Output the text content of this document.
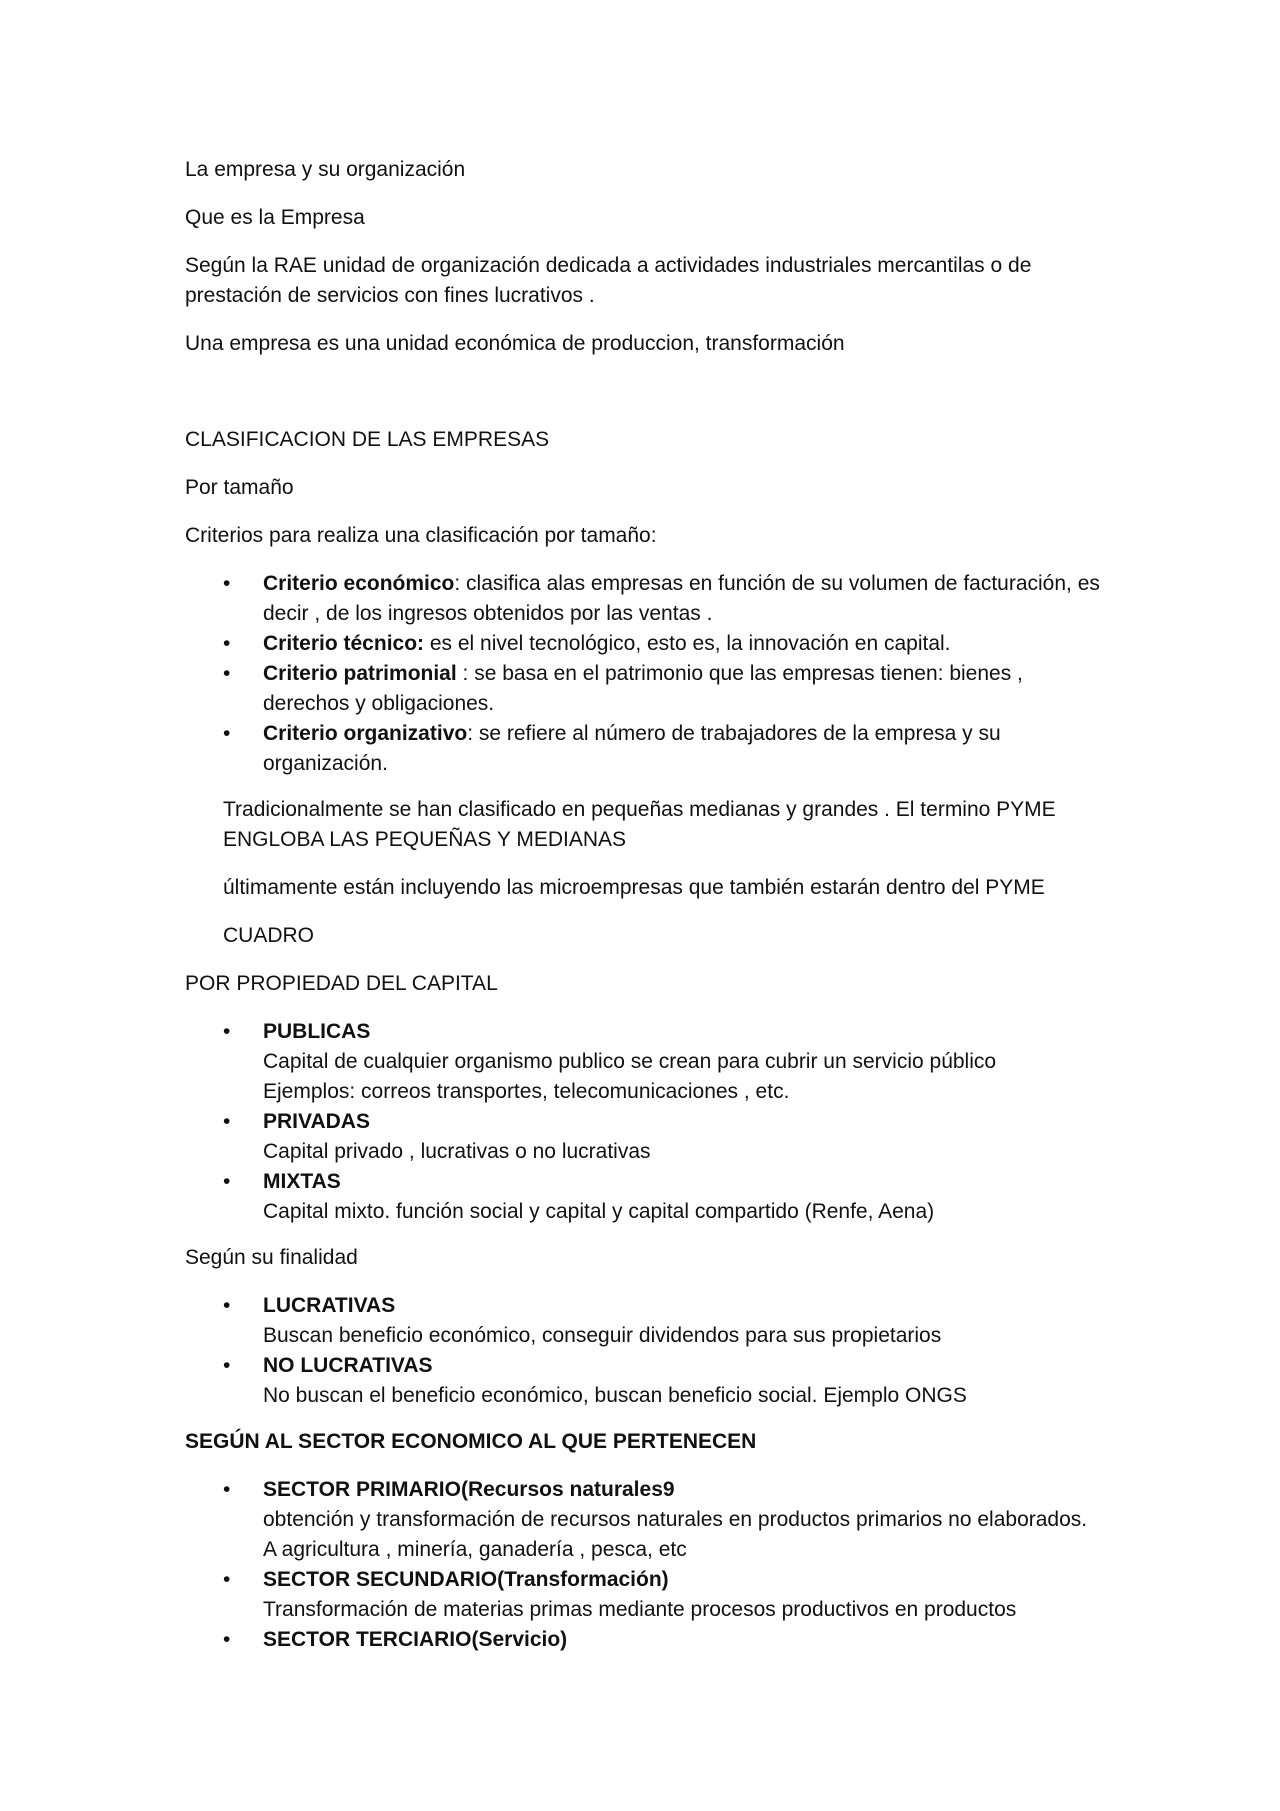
La empresa y su organización

Que es la Empresa

Según la RAE unidad de organización dedicada a actividades industriales mercantilas o de prestación de servicios con fines lucrativos .

Una empresa es una unidad económica de produccion, transformación

CLASIFICACION DE LAS EMPRESAS

Por tamaño

Criterios para realiza una clasificación por tamaño:

• Criterio económico: clasifica alas empresas en función de su volumen de facturación, es decir , de los ingresos obtenidos por las ventas .
• Criterio técnico: es el nivel tecnológico, esto es, la innovación en capital.
• Criterio patrimonial : se basa en el patrimonio que las empresas tienen: bienes , derechos y obligaciones.
• Criterio organizativo: se refiere al número de trabajadores de la empresa y su organización.

Tradicionalmente se han clasificado en pequeñas medianas y grandes . El termino PYME ENGLOBA LAS PEQUEÑAS Y MEDIANAS

últimamente están incluyendo las microempresas que también estarán dentro del PYME

CUADRO

POR PROPIEDAD DEL CAPITAL

• PUBLICAS
Capital de cualquier organismo publico se crean para cubrir un servicio público
Ejemplos: correos transportes, telecomunicaciones , etc.
• PRIVADAS
Capital privado , lucrativas o no lucrativas
• MIXTAS
Capital mixto. función social y capital y capital compartido (Renfe, Aena)

Según su finalidad

• LUCRATIVAS
Buscan beneficio económico, conseguir dividendos para sus propietarios
• NO LUCRATIVAS
No buscan el beneficio económico, buscan beneficio social. Ejemplo ONGS

SEGÚN AL SECTOR ECONOMICO AL QUE PERTENECEN

• SECTOR PRIMARIO(Recursos naturales9
obtención y transformación de recursos naturales en productos primarios no elaborados. A agricultura , minería, ganadería , pesca, etc
• SECTOR SECUNDARIO(Transformación)
Transformación de materias primas mediante procesos productivos en productos
• SECTOR TERCIARIO(Servicio)
